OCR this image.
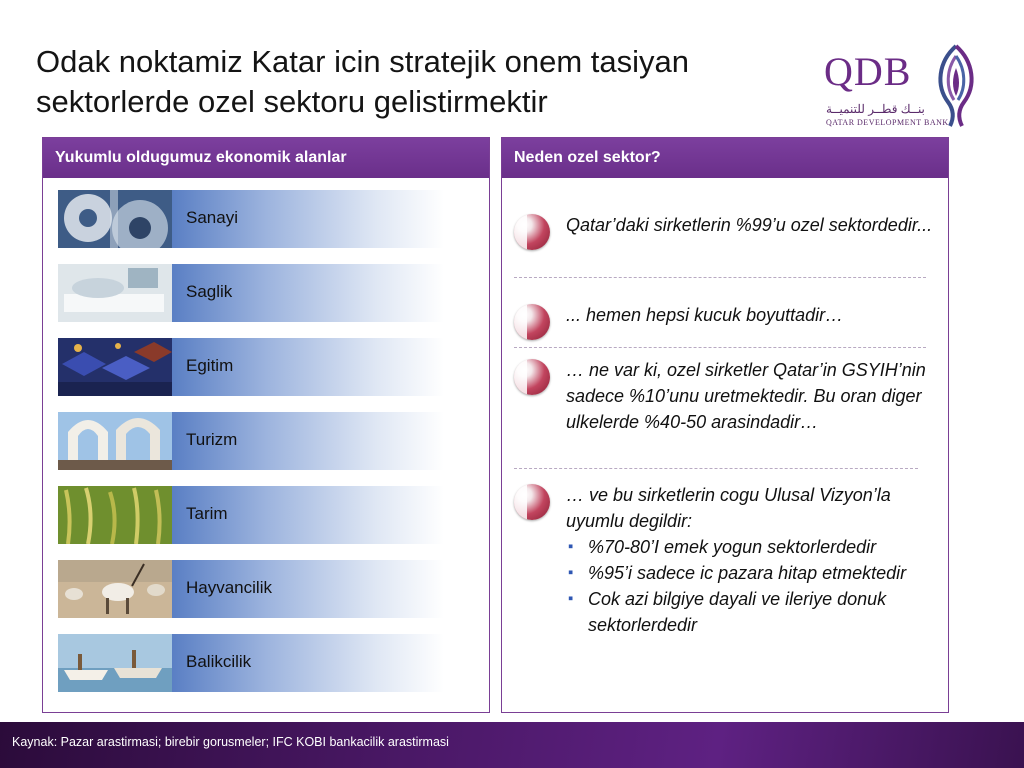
Odak noktamiz Katar icin stratejik onem tasiyan
sektorlerde ozel sektoru gelistirmektir
QDB
بنــك قطــر للتنميــة
QATAR DEVELOPMENT BANK
Yukumlu oldugumuz ekonomik alanlar
Sanayi
Saglik
Egitim
Turizm
Tarim
Hayvancilik
Balikcilik
Neden ozel sektor?
Qatar’daki sirketlerin %99’u ozel sektordedir...
... hemen hepsi kucuk boyuttadir…
… ne var ki, ozel sirketler Qatar’in GSYIH’nin sadece %10’unu uretmektedir. Bu oran diger ulkelerde %40-50 arasindadir…
… ve bu sirketlerin cogu Ulusal Vizyon’la uyumlu degildir:
▪ %70-80’I emek yogun sektorlerdedir
▪ %95’i sadece ic pazara hitap etmektedir
▪ Cok azi bilgiye dayali ve ileriye donuk sektorlerdedir
Kaynak: Pazar arastirmasi; birebir gorusmeler; IFC KOBI bankacilik arastirmasi
